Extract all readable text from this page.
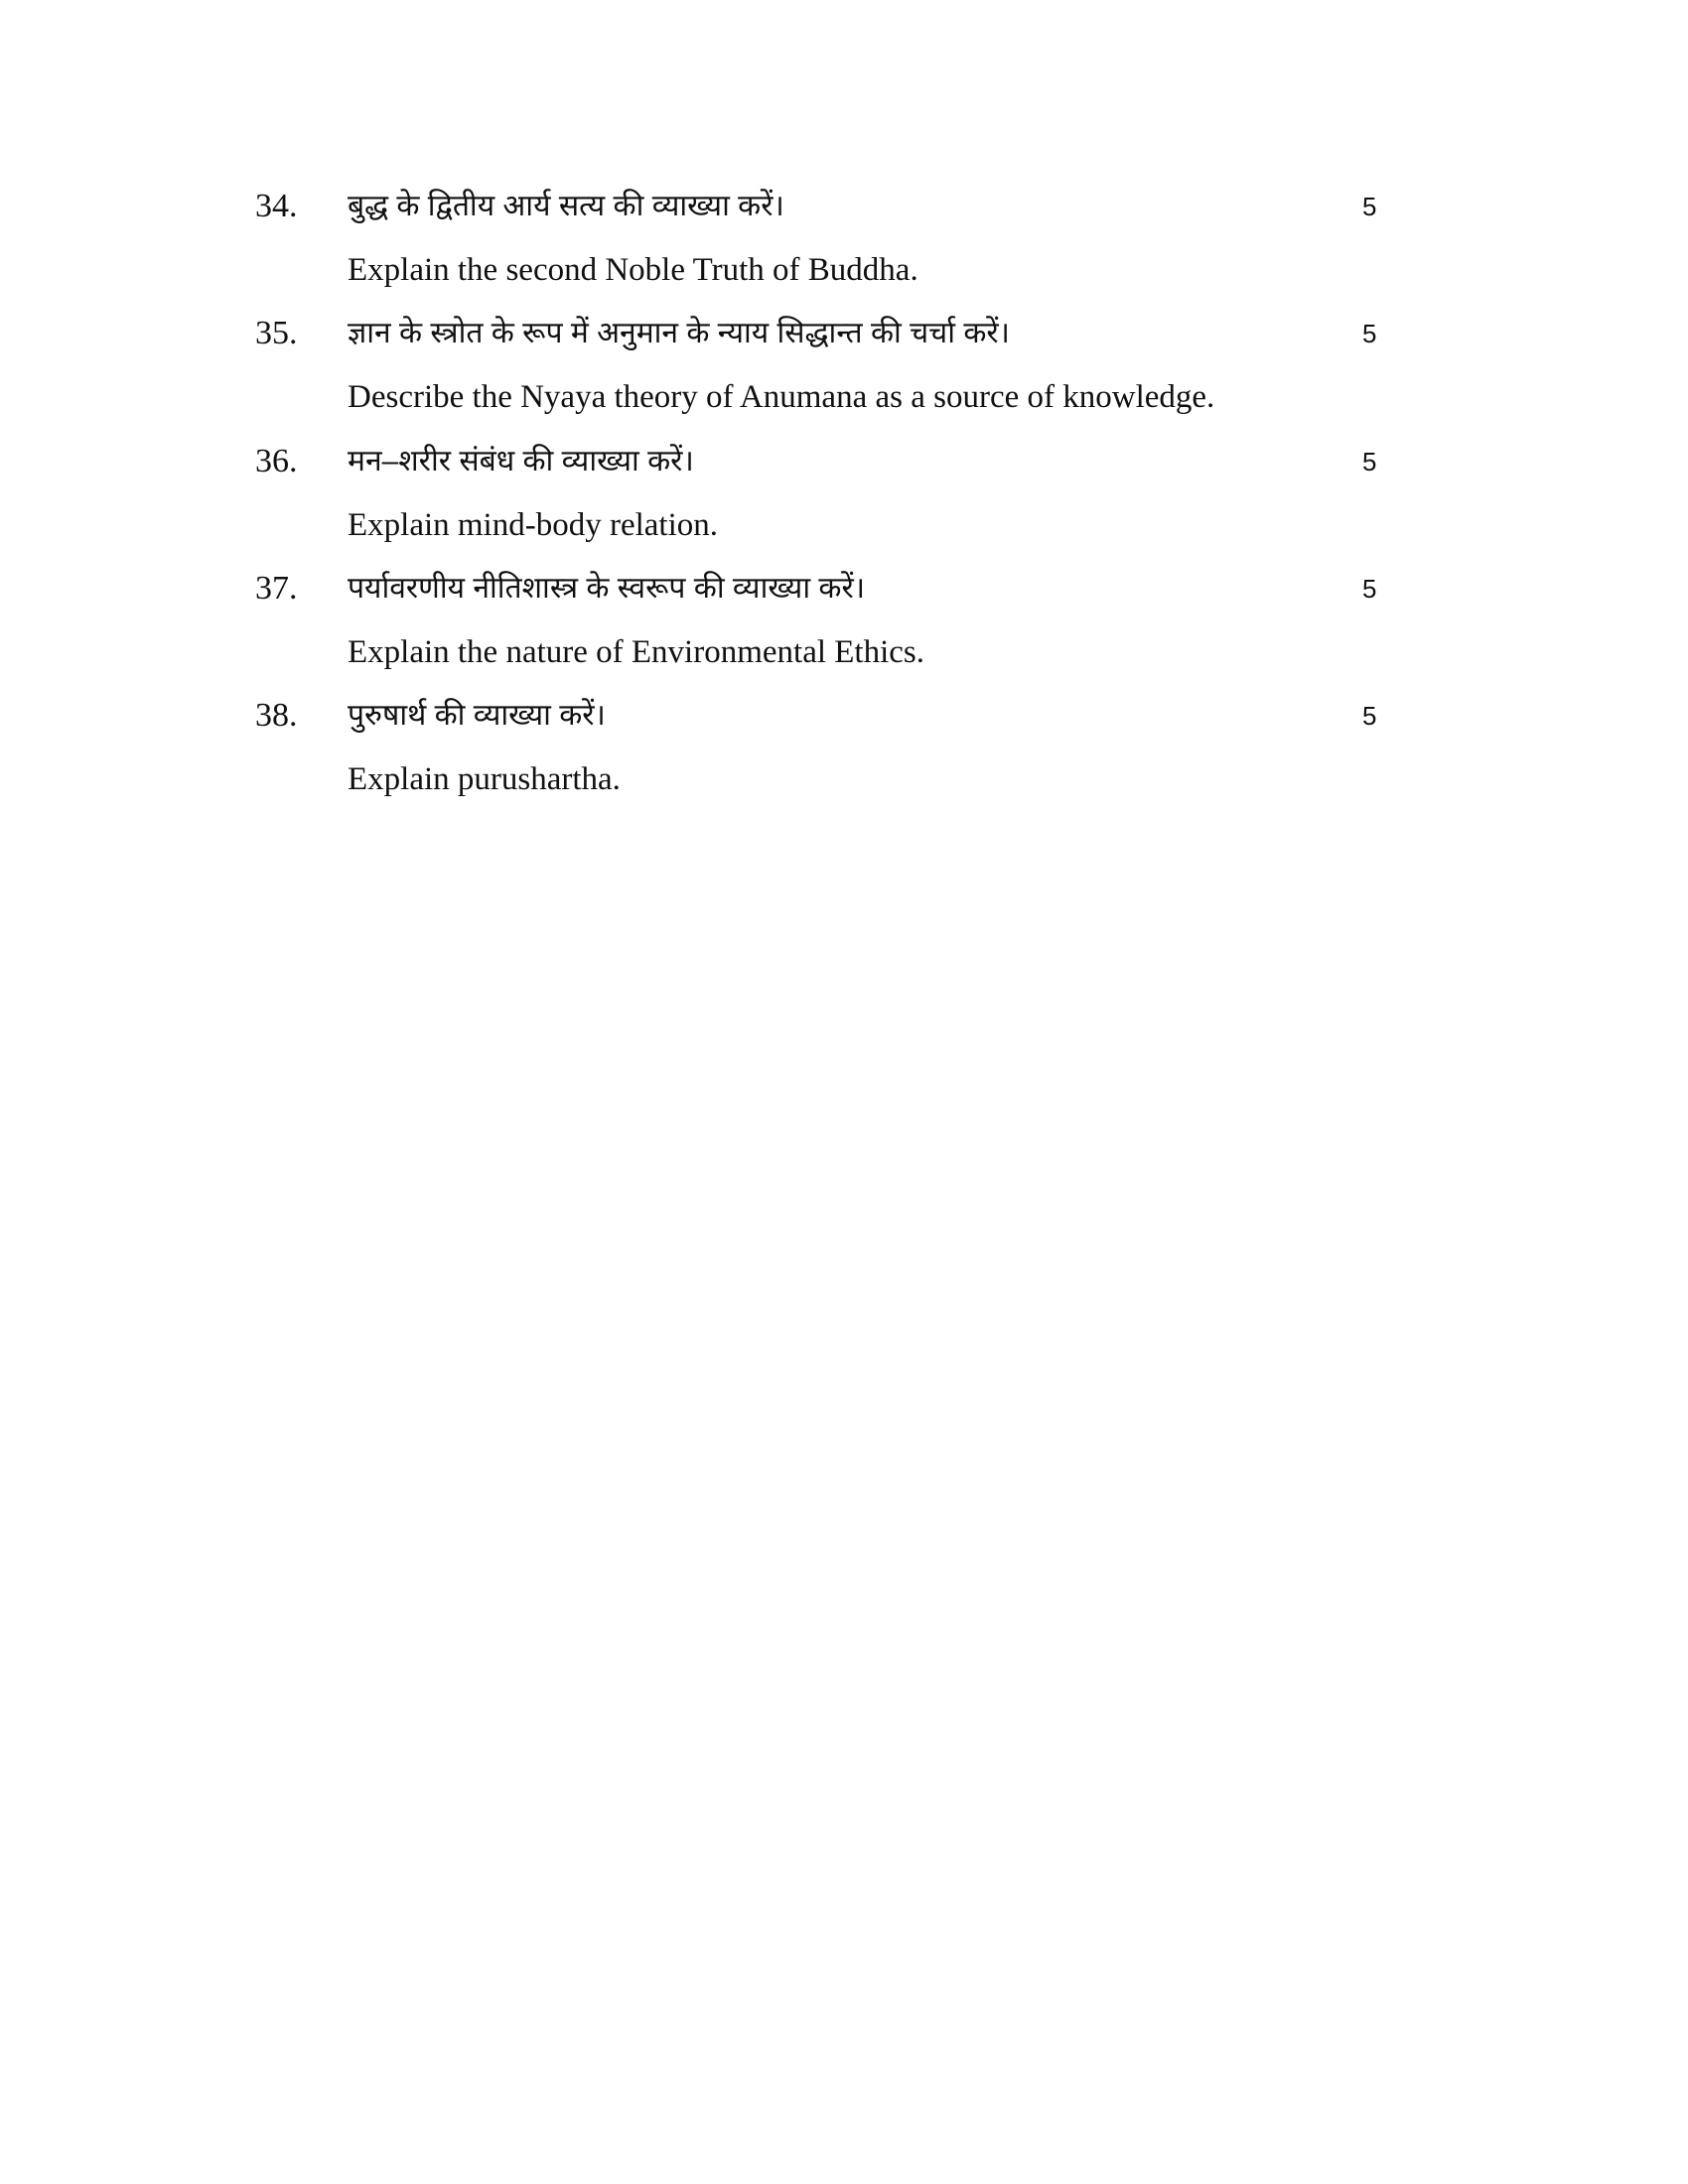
34. बुद्ध के द्वितीय आर्य सत्य की व्याख्या करें।	5
Explain the second Noble Truth of Buddha.
35. ज्ञान के स्त्रोत के रूप में अनुमान के न्याय सिद्धान्त की चर्चा करें।	5
Describe the Nyaya theory of Anumana as a source of knowledge.
36. मन–शरीर संबंध की व्याख्या करें।	5
Explain mind-body relation.
37. पर्यावरणीय नीतिशास्त्र के स्वरूप की व्याख्या करें।	5
Explain the nature of Environmental Ethics.
38. पुरुषार्थ की व्याख्या करें।	5
Explain purushartha.
